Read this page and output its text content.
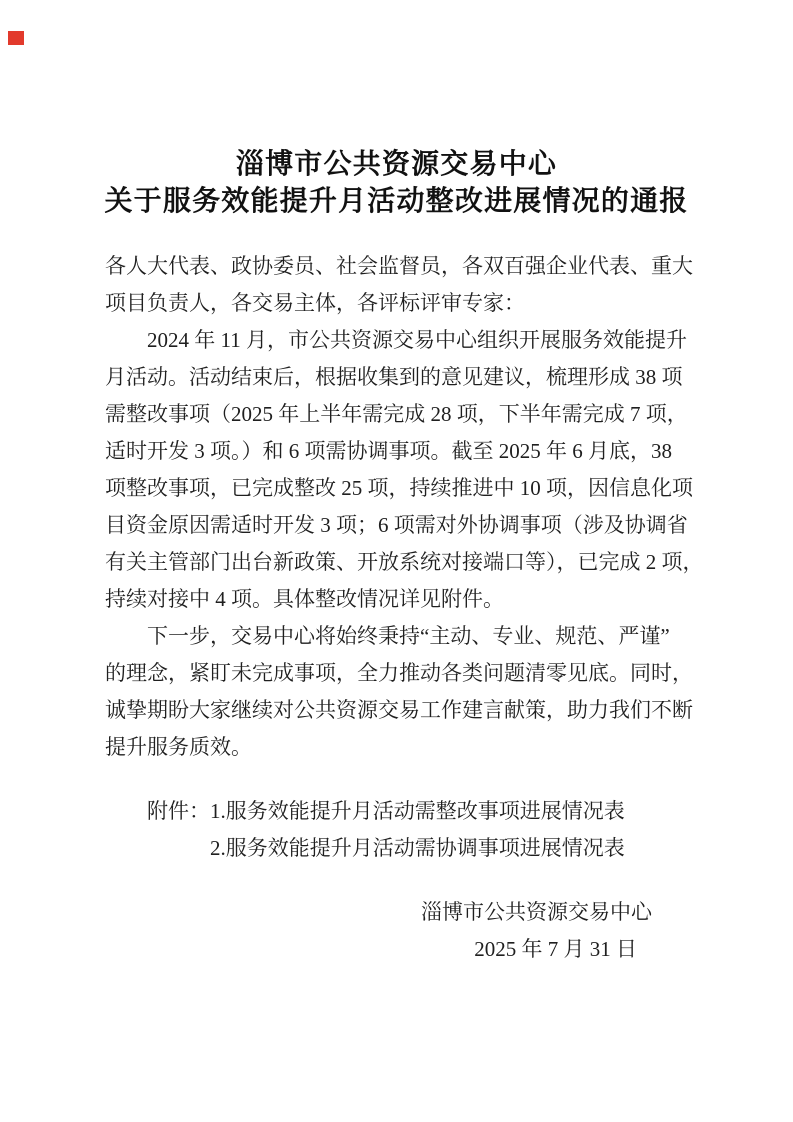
淄博市公共资源交易中心
关于服务效能提升月活动整改进展情况的通报
各人大代表、政协委员、社会监督员，各双百强企业代表、重大
项目负责人，各交易主体，各评标评审专家：
　　2024 年 11 月，市公共资源交易中心组织开展服务效能提升
月活动。活动结束后，根据收集到的意见建议，梳理形成 38 项
需整改事项（2025 年上半年需完成 28 项，下半年需完成 7 项，
适时开发 3 项。）和 6 项需协调事项。截至 2025 年 6 月底，38
项整改事项，已完成整改 25 项，持续推进中 10 项，因信息化项
目资金原因需适时开发 3 项；6 项需对外协调事项（涉及协调省
有关主管部门出台新政策、开放系统对接端口等），已完成 2 项，
持续对接中 4 项。具体整改情况详见附件。
　　下一步，交易中心将始终秉持“主动、专业、规范、严谨”
的理念，紧盯未完成事项，全力推动各类问题清零见底。同时，
诚挚期盼大家继续对公共资源交易工作建言献策，助力我们不断
提升服务质效。
　　附件：1.服务效能提升月活动需整改事项进展情况表
　　　　　2.服务效能提升月活动需协调事项进展情况表
淄博市公共资源交易中心
2025 年 7 月 31 日
